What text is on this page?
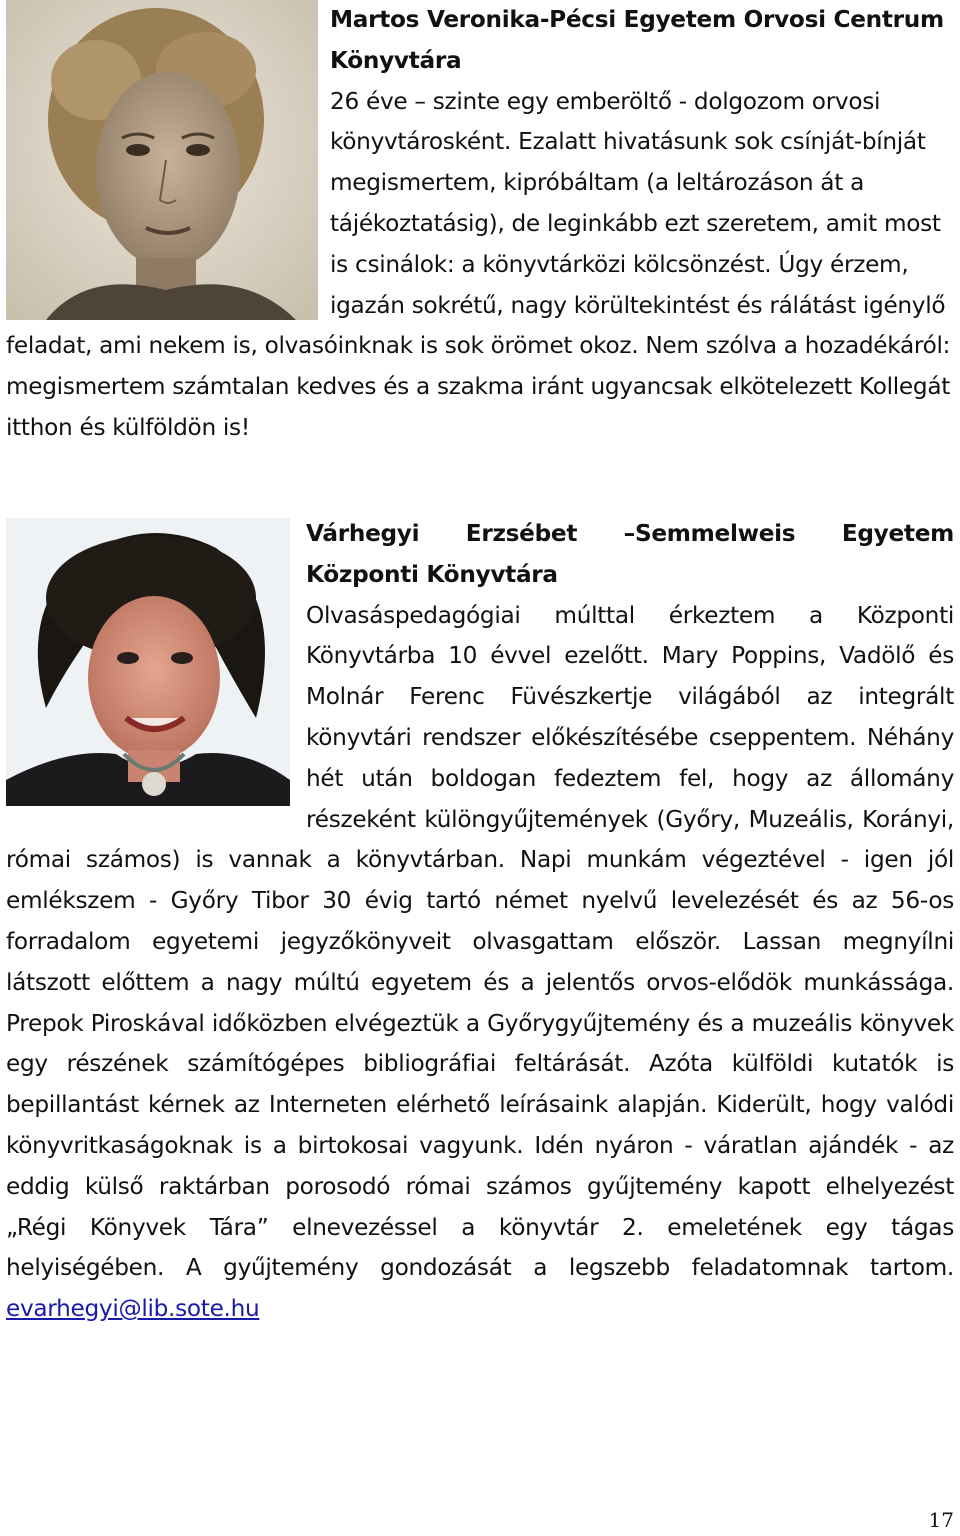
Martos Veronika-Pécsi Egyetem Orvosi Centrum Könyvtára
26 éve – szinte egy emberöltő - dolgozom orvosi könyvtárosként. Ezalatt hivatásunk sok csínját-bínját megismertem, kipróbáltam (a leltározáson át a tájékoztatásig), de leginkább ezt szeretem, amit most is csinálok: a könyvtárközi kölcsönzést. Úgy érzem, igazán sokrétű, nagy körültekintést és rálátást igénylő feladat, ami nekem is, olvasóinknak is sok örömet okoz. Nem szólva a hozadékáról: megismertem számtalan kedves és a szakma iránt ugyancsak elkötelezett Kollegát itthon és külföldön is!
Várhegyi Erzsébet –Semmelweis Egyetem Központi Könyvtára
Olvasáspedagógiai múlttal érkeztem a Központi Könyvtárba 10 évvel ezelőtt. Mary Poppins, Vadölő és Molnár Ferenc Füvészkertje világából az integrált könyvtári rendszer előkészítésébe cseppentem. Néhány hét után boldogan fedeztem fel, hogy az állomány részeként különgyűjtemények (Győry, Muzeális, Korányi, római számos) is vannak a könyvtárban. Napi munkám végeztével - igen jól emlékszem - Győry Tibor 30 évig tartó német nyelvű levelezését és az 56-os forradalom egyetemi jegyzőkönyveit olvasgattam először. Lassan megnyílni látszott előttem a nagy múltú egyetem és a jelentős orvos-elődök munkássága. Prepok Piroskával időközben elvégeztük a Győrygyűjtemény és a muzeális könyvek egy részének számítógépes bibliográfiai feltárását. Azóta külföldi kutatók is bepillantást kérnek az Interneten elérhető leírásaink alapján. Kiderült, hogy valódi könyvritkaságoknak is a birtokosai vagyunk. Idén nyáron - váratlan ajándék - az eddig külső raktárban porosodó római számos gyűjtemény kapott elhelyezést „Régi Könyvek Tára” elnevezéssel a könyvtár 2. emeletének egy tágas helyiségében. A gyűjtemény gondozását a legszebb feladatomnak tartom. evarhegyi@lib.sote.hu
17
